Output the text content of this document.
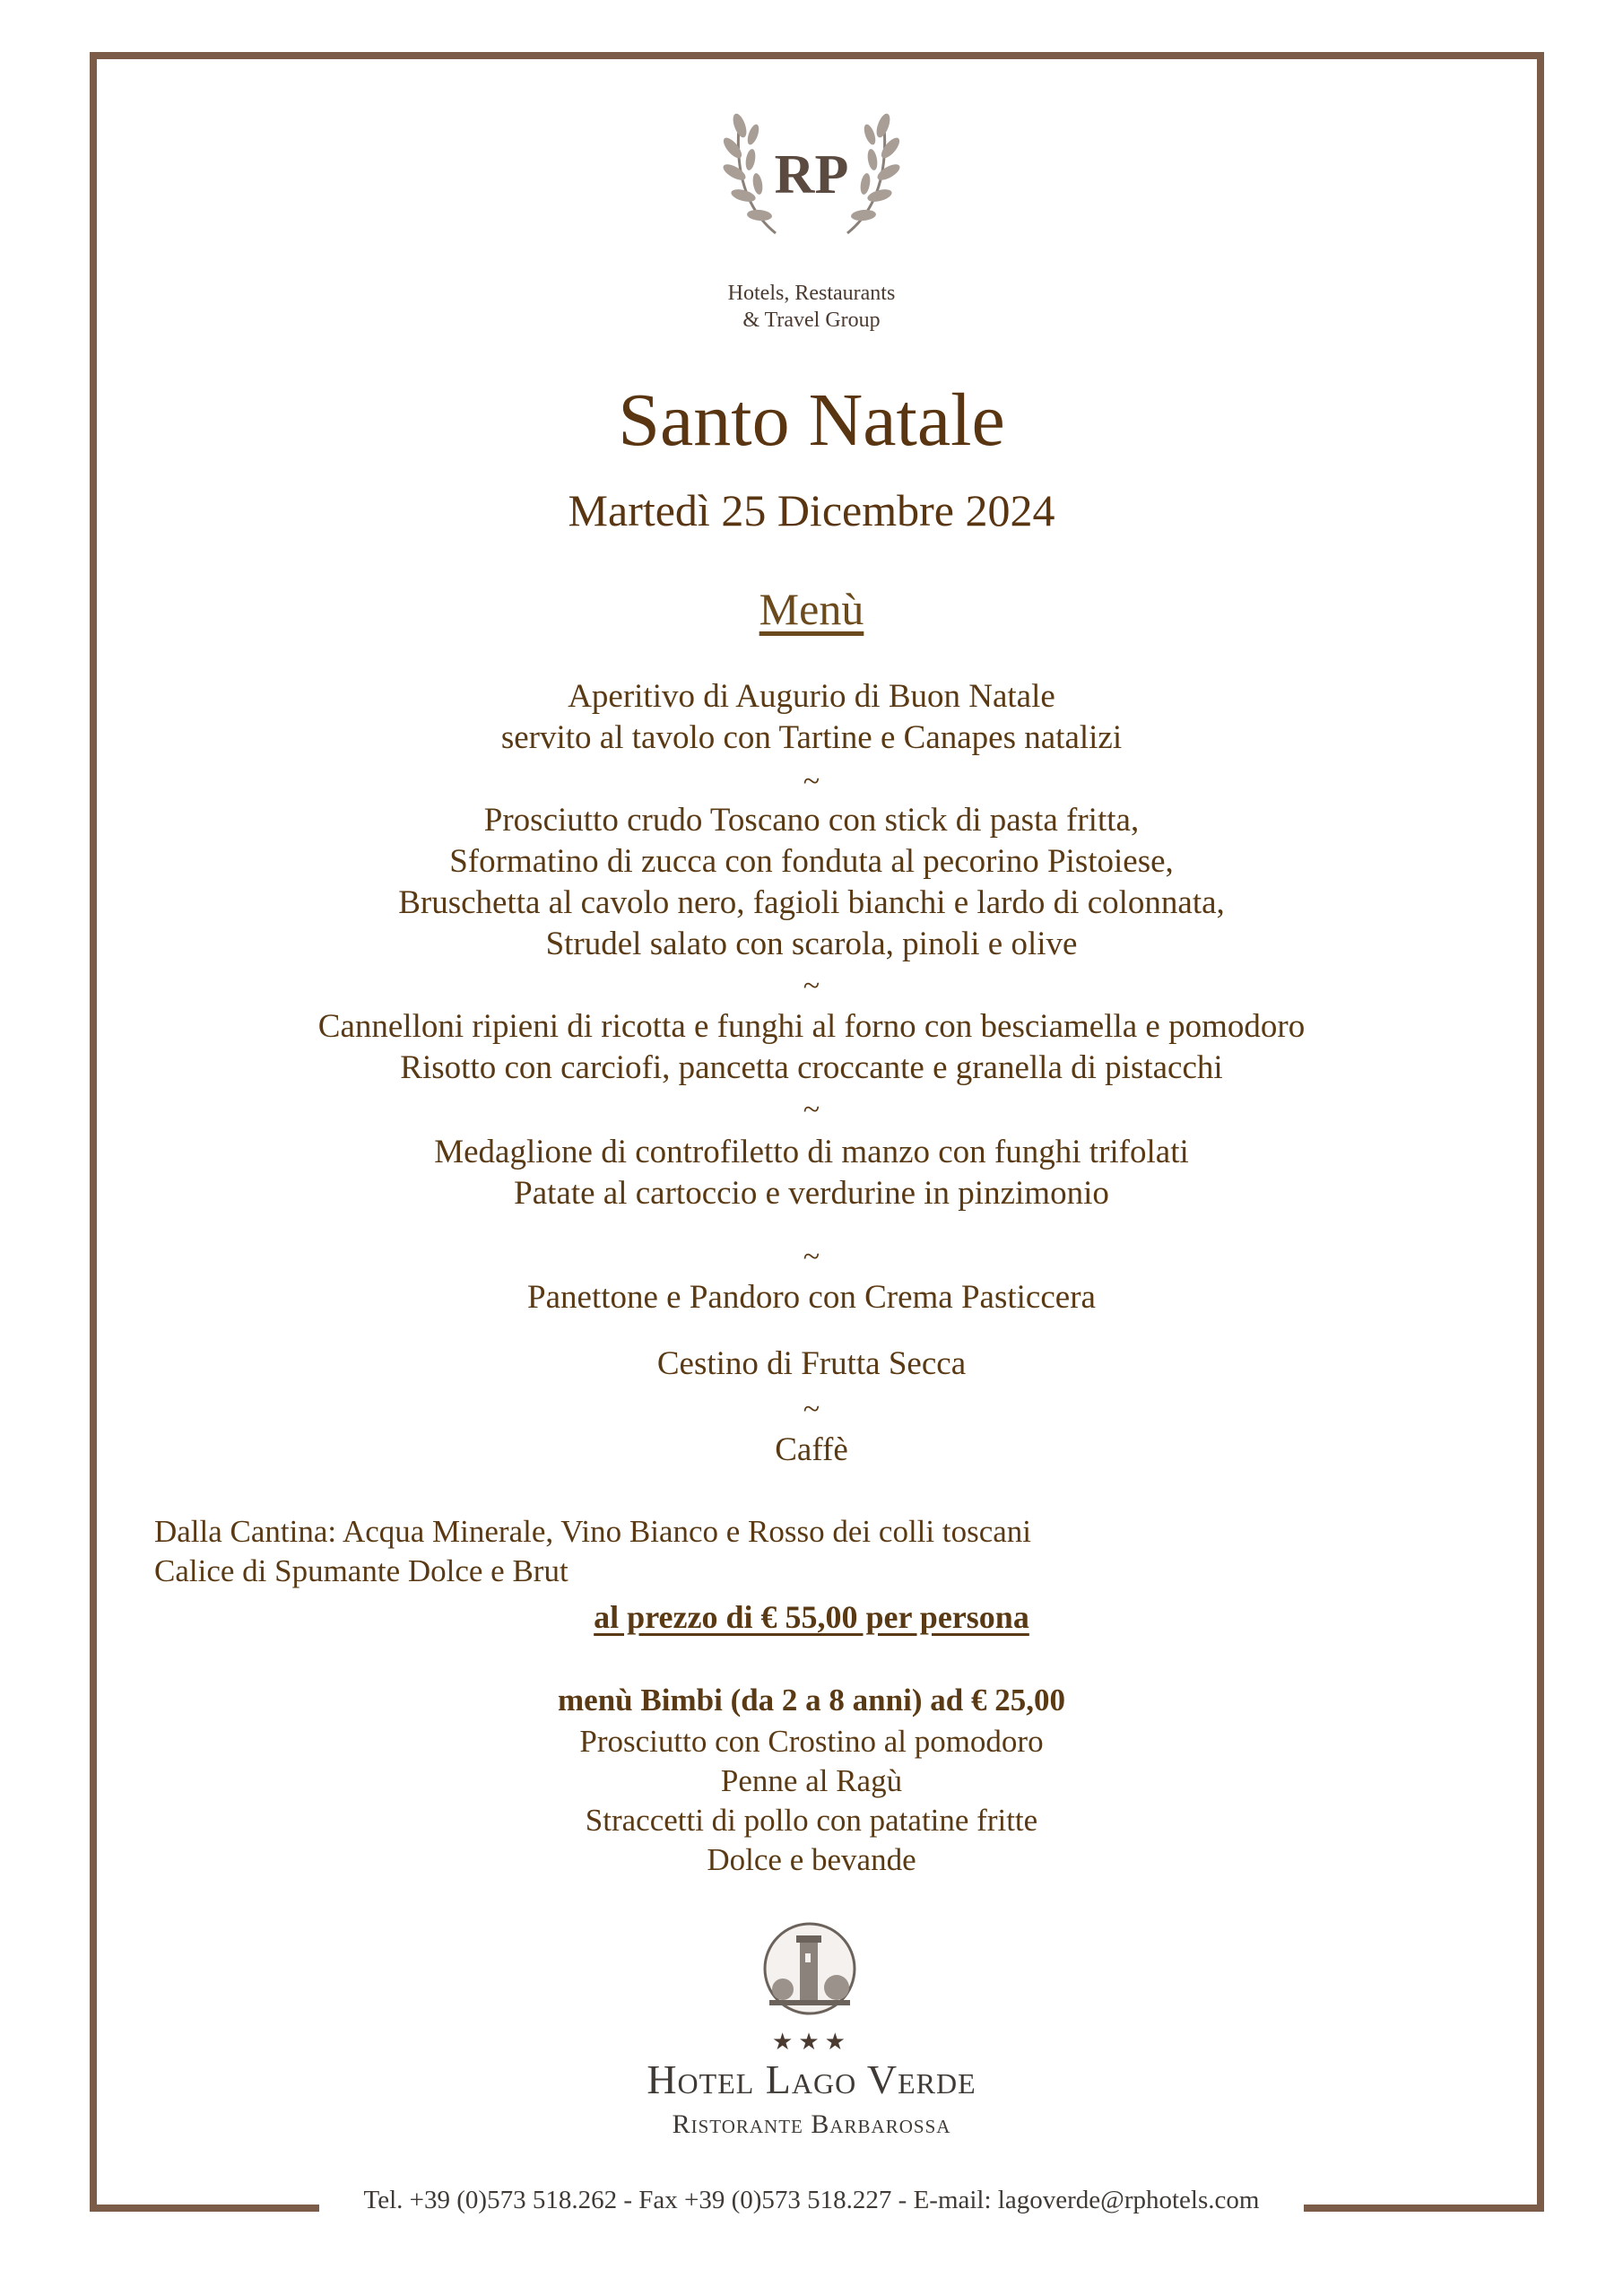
RP
Hotels, Restaurants
& Travel Group
Santo Natale
Martedì 25 Dicembre 2024
Menù
Aperitivo di Augurio di Buon Natale
servito al tavolo con Tartine e Canapes natalizi
~
Prosciutto crudo Toscano con stick di pasta fritta,
Sformatino di zucca con fonduta al pecorino Pistoiese,
Bruschetta al cavolo nero, fagioli bianchi e lardo di colonnata,
Strudel salato con scarola, pinoli e olive
~
Cannelloni ripieni di ricotta e funghi al forno con besciamella e pomodoro
Risotto con carciofi, pancetta croccante e granella di pistacchi
~
Medaglione di controfiletto di manzo con funghi trifolati
Patate al cartoccio e verdurine in pinzimonio
~
Panettone e Pandoro con Crema Pasticcera
Cestino di Frutta Secca
~
Caffè
Dalla Cantina: Acqua Minerale, Vino Bianco e Rosso dei colli toscani
Calice di Spumante Dolce e Brut
al prezzo di € 55,00 per persona
menù Bimbi (da 2 a 8 anni) ad € 25,00
Prosciutto con Crostino al pomodoro
Penne al Ragù
Straccetti di pollo con patatine fritte
Dolce e bevande
★★★
Hotel Lago Verde
Ristorante Barbarossa
Tel. +39 (0)573 518.262 - Fax +39 (0)573 518.227 - E-mail: lagoverde@rphotels.com
